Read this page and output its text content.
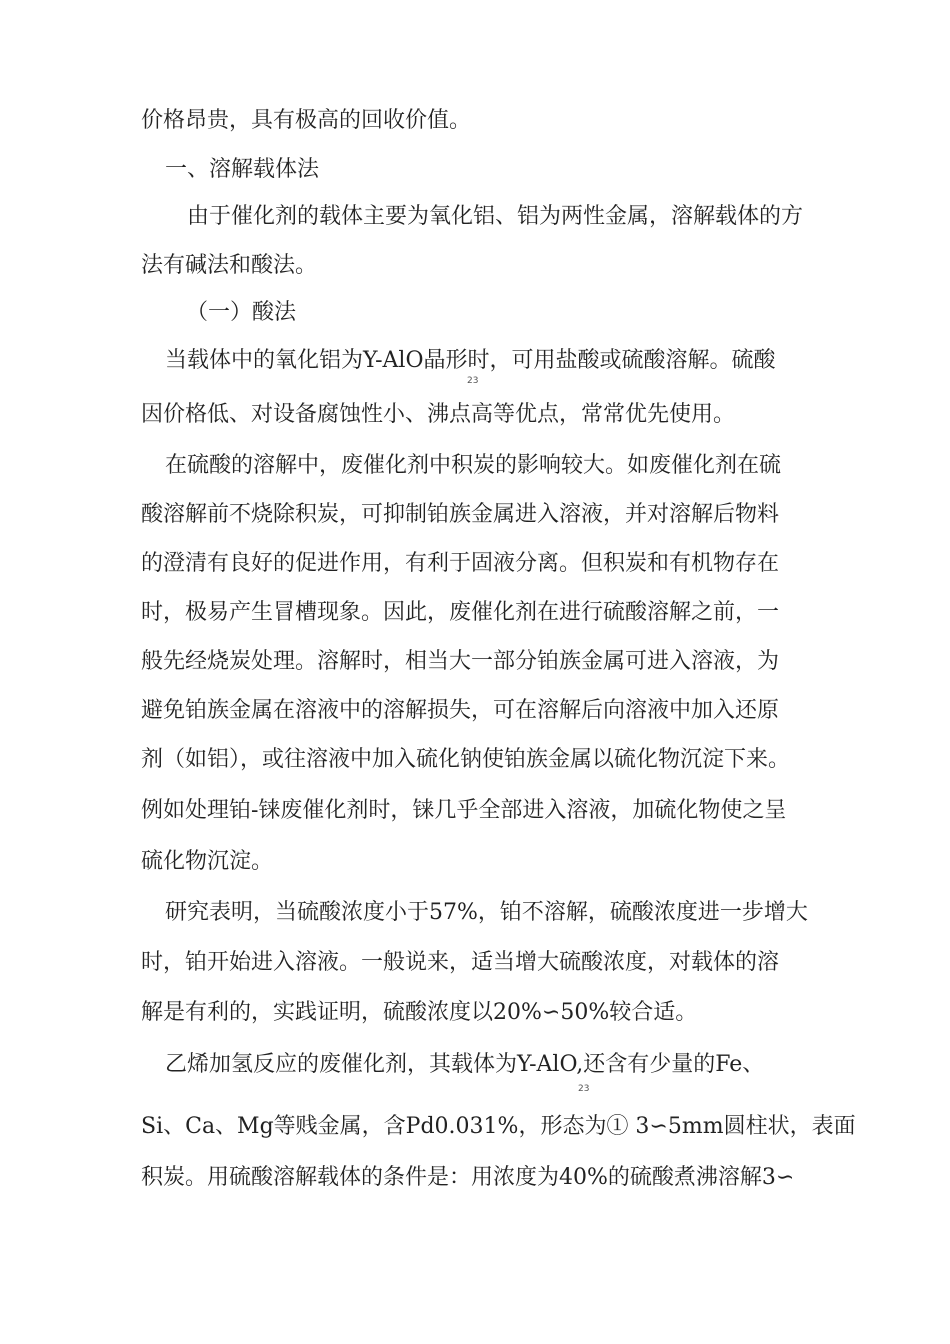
价格昂贵，具有极高的回收价值。
一、溶解载体法
由于催化剂的载体主要为氧化铝、铝为两性金属，溶解载体的方
法有碱法和酸法。
（一）酸法
当载体中的氧化铝为Y-AlO晶形时，可用盐酸或硫酸溶解。硫酸
23
因价格低、对设备腐蚀性小、沸点高等优点，常常优先使用。
在硫酸的溶解中，废催化剂中积炭的影响较大。如废催化剂在硫
酸溶解前不烧除积炭，可抑制铂族金属进入溶液，并对溶解后物料
的澄清有良好的促进作用，有利于固液分离。但积炭和有机物存在
时，极易产生冒槽现象。因此，废催化剂在进行硫酸溶解之前，一
般先经烧炭处理。溶解时，相当大一部分铂族金属可进入溶液，为
避免铂族金属在溶液中的溶解损失，可在溶解后向溶液中加入还原
剂（如铝），或往溶液中加入硫化钠使铂族金属以硫化物沉淀下来。
例如处理铂-铼废催化剂时，铼几乎全部进入溶液，加硫化物使之呈
硫化物沉淀。
研究表明，当硫酸浓度小于57%，铂不溶解，硫酸浓度进一步增大
时，铂开始进入溶液。一般说来，适当增大硫酸浓度，对载体的溶
解是有利的，实践证明，硫酸浓度以20%∽50%较合适。
乙烯加氢反应的废催化剂，其载体为Y-AlO,还含有少量的Fe、
23
Si、Ca、Mg等贱金属，含Pd0.031%，形态为① 3∽5mm圆柱状，表面
积炭。用硫酸溶解载体的条件是：用浓度为40%的硫酸煮沸溶解3∽
